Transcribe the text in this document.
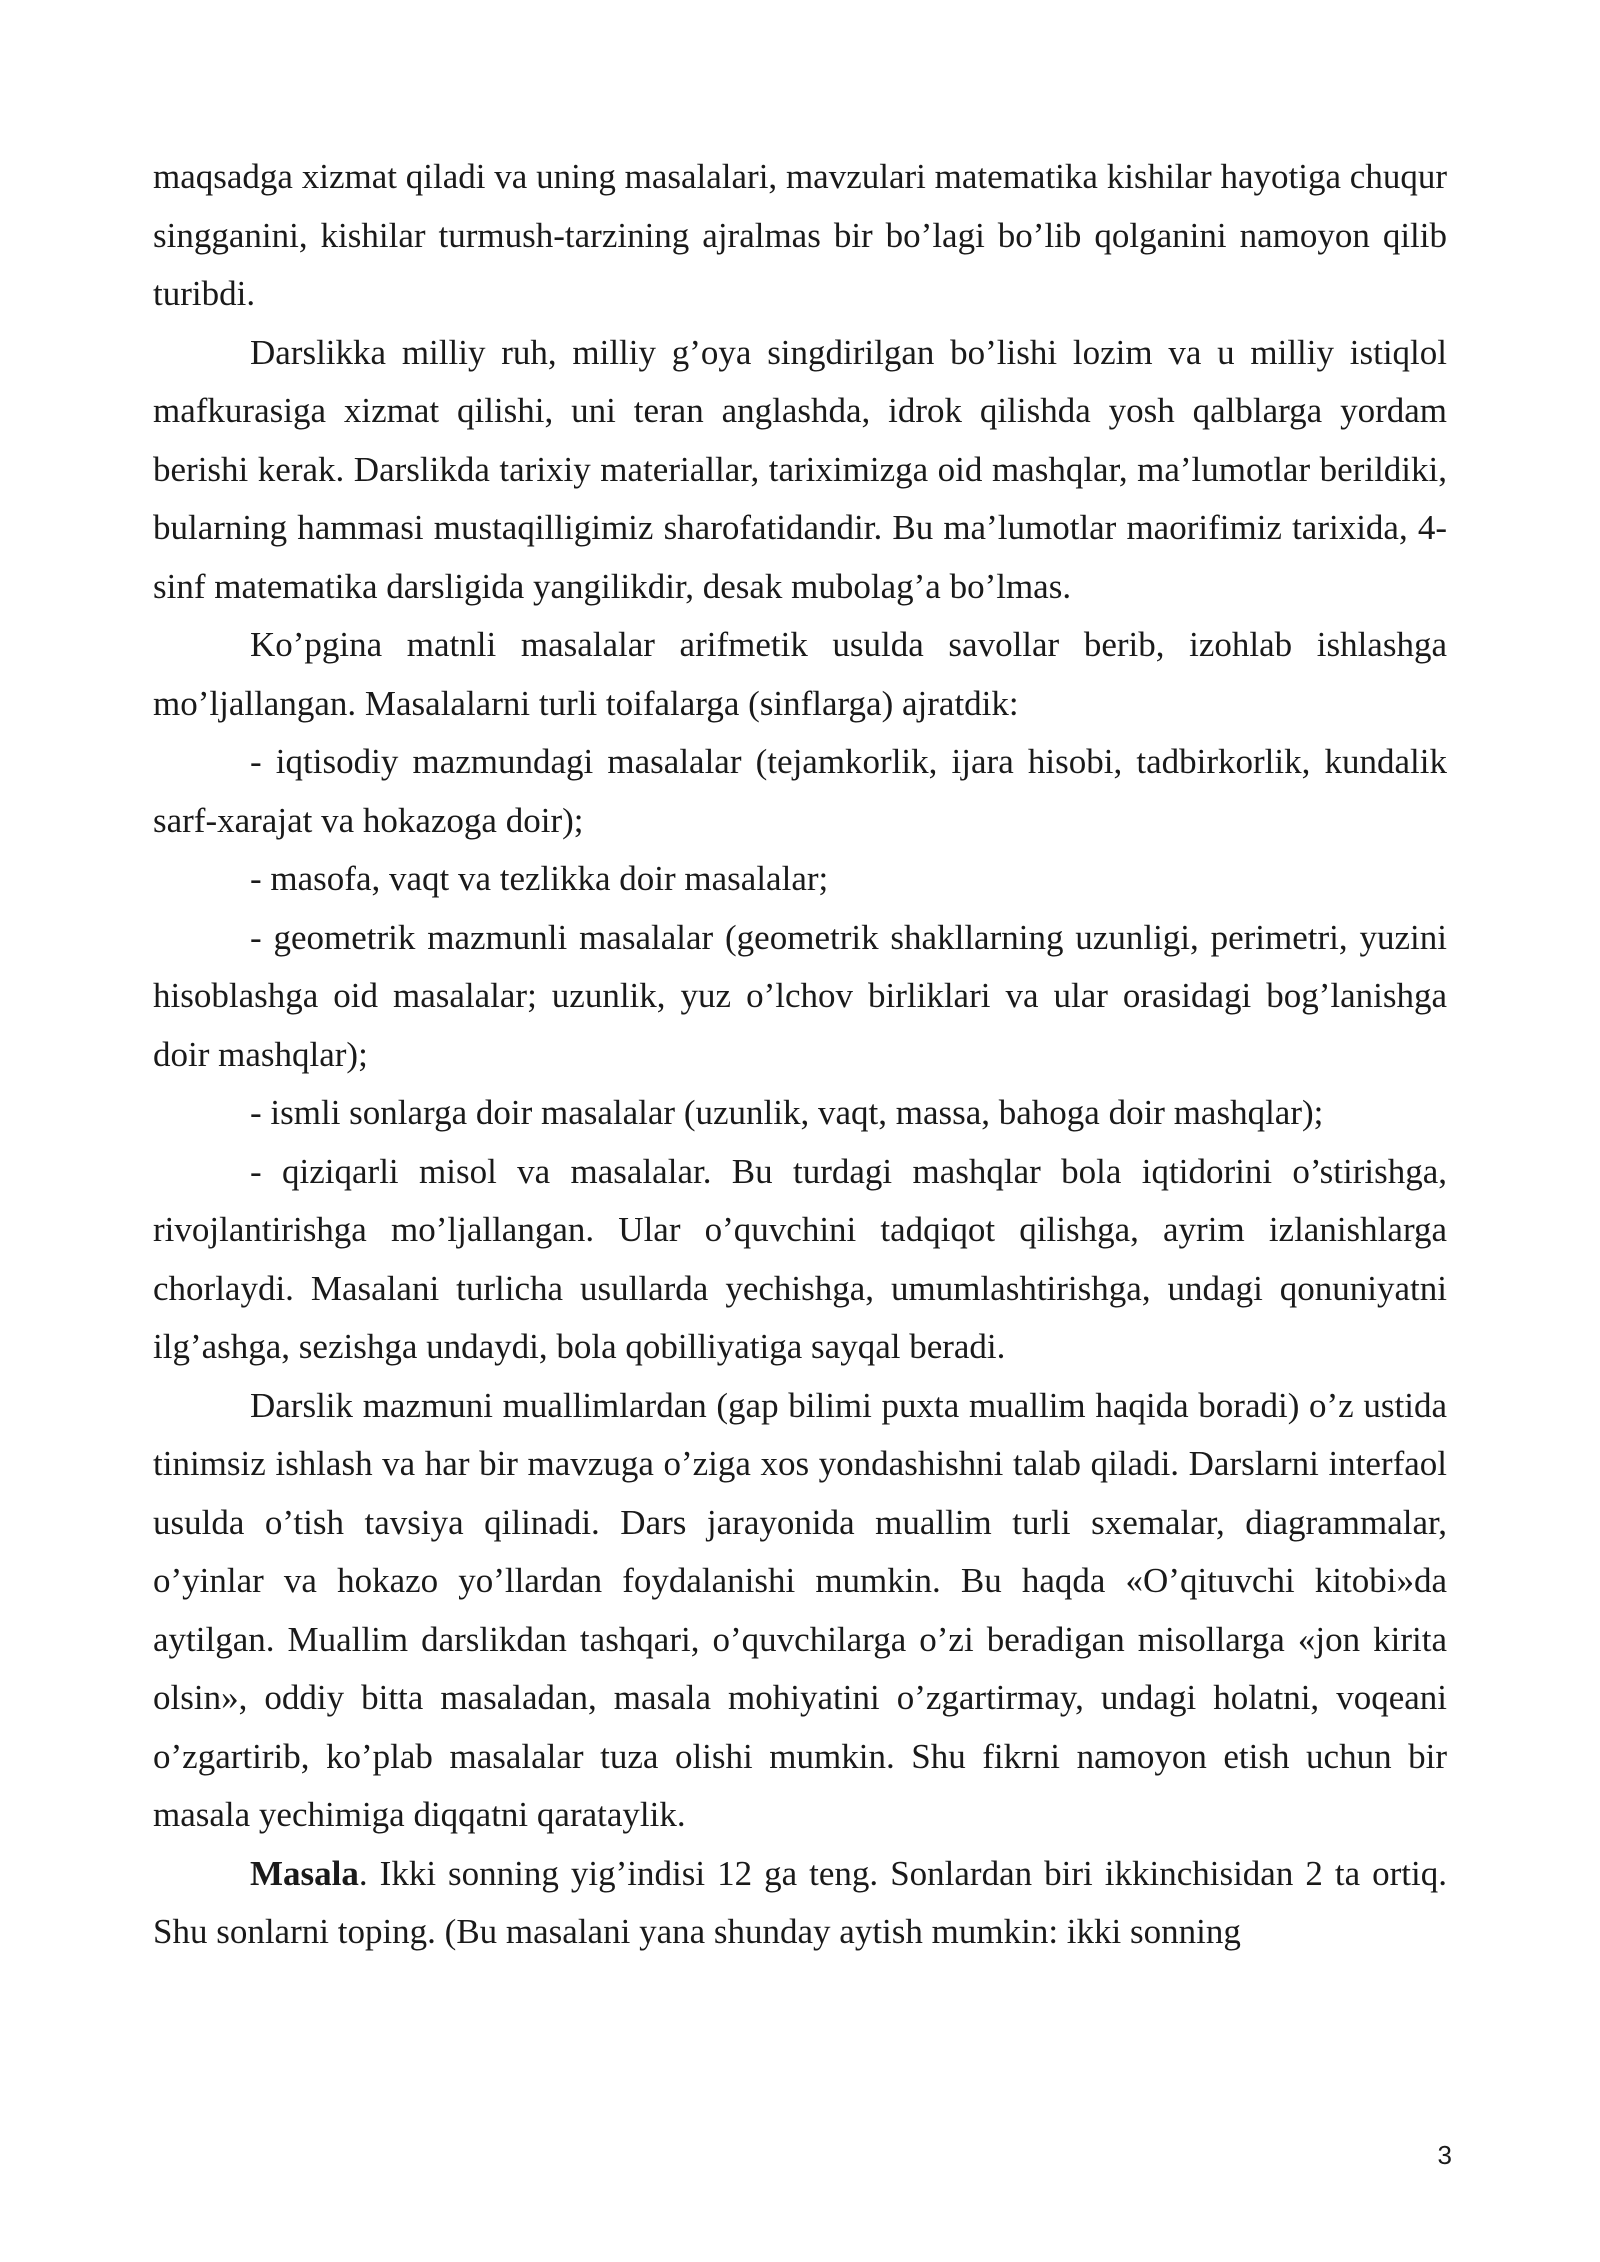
maqsadga xizmat qiladi va uning masalalari, mavzulari matematika kishilar hayotiga chuqur singganini, kishilar turmush-tarzining ajralmas bir bo’lagi bo’lib qolganini namoyon qilib turibdi.

Darslikka milliy ruh, milliy g’oya singdirilgan bo’lishi lozim va u milliy istiqlol mafkurasiga xizmat qilishi, uni teran anglashda, idrok qilishda yosh qalblarga yordam berishi kerak. Darslikda tarixiy materiallar, tariximizga oid mashqlar, ma’lumotlar berildiki, bularning hammasi mustaqilligimiz sharofatidandir. Bu ma’lumotlar maorifimiz tarixida, 4-sinf matematika darsligida yangilikdir, desak mubolag’a bo’lmas.

Ko’pgina matnli masalalar arifmetik usulda savollar berib, izohlab ishlashga mo’ljallangan. Masalalarni turli toifalarga (sinflarga) ajratdik:

- iqtisodiy mazmundagi masalalar (tejamkorlik, ijara hisobi, tadbirkorlik, kundalik sarf-xarajat va hokazoga doir);

- masofa, vaqt va tezlikka doir masalalar;

- geometrik mazmunli masalalar (geometrik shakllarning uzunligi, perimetri, yuzini hisoblashga oid masalalar; uzunlik, yuz o’lchov birliklari va ular orasidagi bog’lanishga doir mashqlar);

- ismli sonlarga doir masalalar (uzunlik, vaqt, massa, bahoga doir mashqlar);

- qiziqarli misol va masalalar. Bu turdagi mashqlar bola iqtidorini o’stirishga, rivojlantirishga mo’ljallangan. Ular o’quvchini tadqiqot qilishga, ayrim izlanishlarga chorlaydi. Masalani turlicha usullarda yechishga, umumlashtirishga, undagi qonuniyatni ilg’ashga, sezishga undaydi, bola qobilliyatiga sayqal beradi.

Darslik mazmuni muallimlardan (gap bilimi puxta muallim haqida boradi) o’z ustida tinimsiz ishlash va har bir mavzuga o’ziga xos yondashishni talab qiladi. Darslarni interfaol usulda o’tish tavsiya qilinadi. Dars jarayonida muallim turli sxemalar, diagrammalar, o’yinlar va hokazo yo’llardan foydalanishi mumkin. Bu haqda «O’qituvchi kitobi»da aytilgan. Muallim darslikdan tashqari, o’quvchilarga o’zi beradigan misollarga «jon kirita olsin», oddiy bitta masaladan, masala mohiyatini o’zgartirmay, undagi holatni, voqeani o’zgartirib, ko’plab masalalar tuza olishi mumkin. Shu fikrni namoyon etish uchun bir masala yechimiga diqqatni qarataylik.

Masala. Ikki sonning yig’indisi 12 ga teng. Sonlardan biri ikkinchisidan 2 ta ortiq. Shu sonlarni toping. (Bu masalani yana shunday aytish mumkin: ikki sonning

3
